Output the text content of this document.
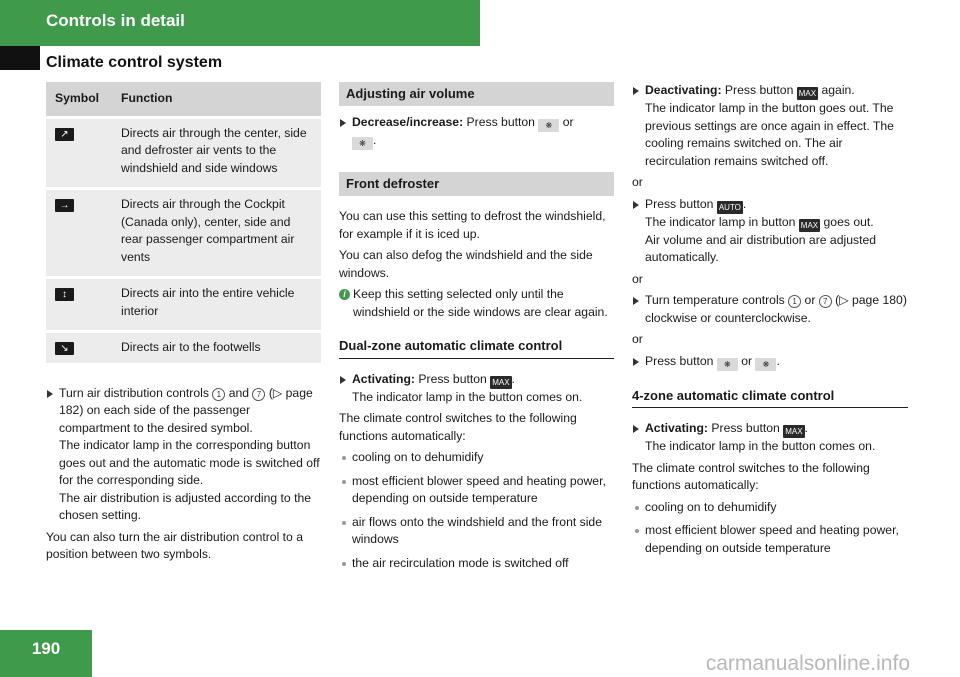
Controls in detail
Climate control system
Symbol	Function
↗	Directs air through the center, side and defroster air vents to the windshield and side windows
→	Directs air through the Cockpit (Canada only), center, side and rear passenger compartment air vents
↕	Directs air into the entire vehicle interior
↘	Directs air to the footwells
Turn air distribution controls 1 and 7 (▷ page 182) on each side of the passenger compartment to the desired symbol.

The indicator lamp in the corresponding button goes out and the automatic mode is switched off for the corresponding side.

The air distribution is adjusted according to the chosen setting.

You can also turn the air distribution control to a position between two symbols.

Adjusting air volume
Decrease/increase: Press button ❋ or
❋ .
Front defroster

You can use this setting to defrost the windshield, for example if it is iced up.

You can also defog the windshield and the side windows.

i Keep this setting selected only until the windshield or the side windows are clear again.

Dual-zone automatic climate control

Activating: Press button MAX .

The indicator lamp in the button comes on.

The climate control switches to the following functions automatically:

cooling on to dehumidify

most efficient blower speed and heating power, depending on outside temperature

air flows onto the windshield and the front side windows

the air recirculation mode is switched off

Deactivating: Press button MAX again.

The indicator lamp in the button goes out. The previous settings are once again in effect. The cooling remains switched on. The air recirculation remains switched off.

or

Press button AUTO .

The indicator lamp in button MAX goes out.

Air volume and air distribution are adjusted automatically.

or

Turn temperature controls 1 or 7 (▷ page 180) clockwise or counterclockwise.

or

Press button ❋ or ❋ .

4-zone automatic climate control

Activating: Press button MAX .

The indicator lamp in the button comes on.

The climate control switches to the following functions automatically:

cooling on to dehumidify

most efficient blower speed and heating power, depending on outside temperature

190
carmanualsonline.info
